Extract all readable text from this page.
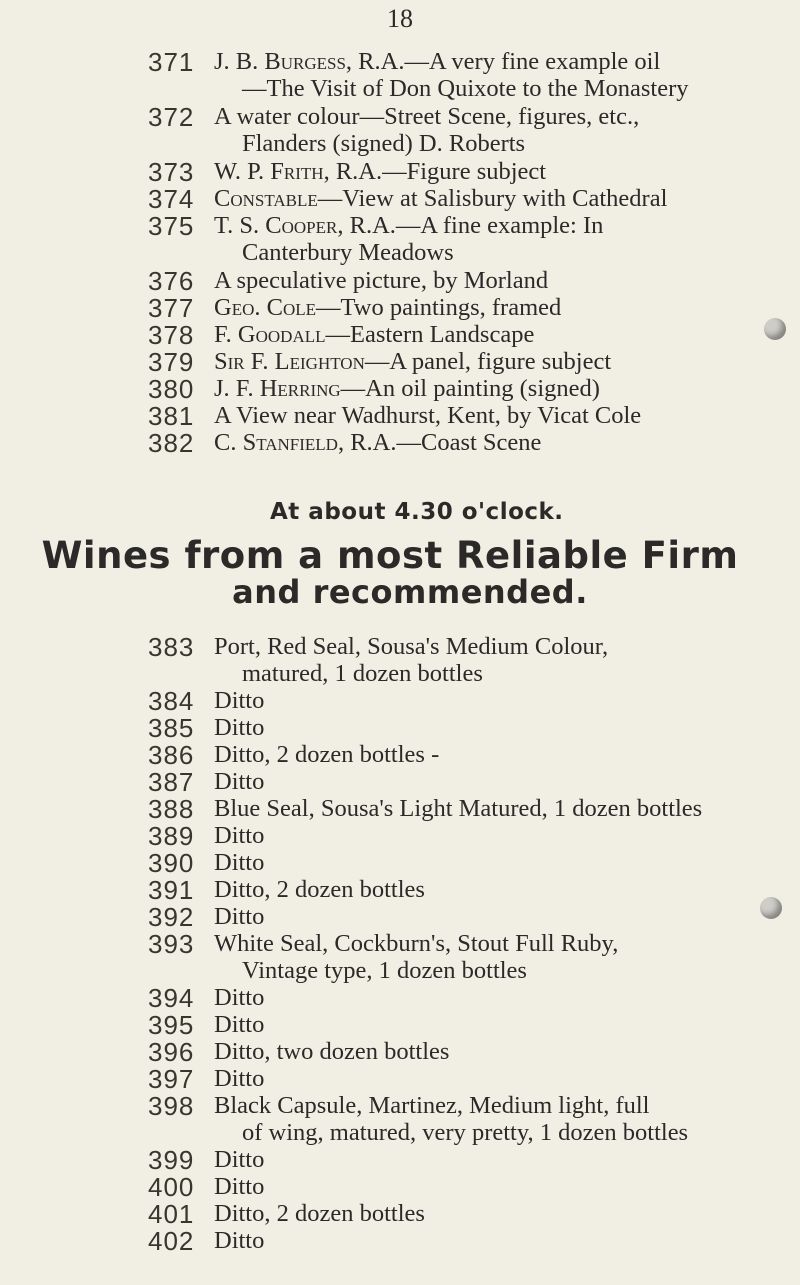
18
371 J. B. Burgess, R.A.—A very fine example oil
—The Visit of Don Quixote to the Monastery
372 A water colour—Street Scene, figures, etc.,
Flanders (signed) D. Roberts
373 W. P. Frith, R.A.—Figure subject
374 Constable—View at Salisbury with Cathedral
375 T. S. Cooper, R.A.—A fine example: In
Canterbury Meadows
376 A speculative picture, by Morland
377 Geo. Cole—Two paintings, framed
378 F. Goodall—Eastern Landscape
379 Sir F. Leighton—A panel, figure subject
380 J. F. Herring—An oil painting (signed)
381 A View near Wadhurst, Kent, by Vicat Cole
382 C. Stanfield, R.A.—Coast Scene
At about 4.30 o'clock.
Wines from a most Reliable Firm
and recommended.
383 Port, Red Seal, Sousa's Medium Colour,
matured, 1 dozen bottles
384 Ditto
385 Ditto
386 Ditto, 2 dozen bottles -
387 Ditto
388 Blue Seal, Sousa's Light Matured, 1 dozen bottles
389 Ditto
390 Ditto
391 Ditto, 2 dozen bottles
392 Ditto
393 White Seal, Cockburn's, Stout Full Ruby,
Vintage type, 1 dozen bottles
394 Ditto
395 Ditto
396 Ditto, two dozen bottles
397 Ditto
398 Black Capsule, Martinez, Medium light, full
of wing, matured, very pretty, 1 dozen bottles
399 Ditto
400 Ditto
401 Ditto, 2 dozen bottles
402 Ditto
